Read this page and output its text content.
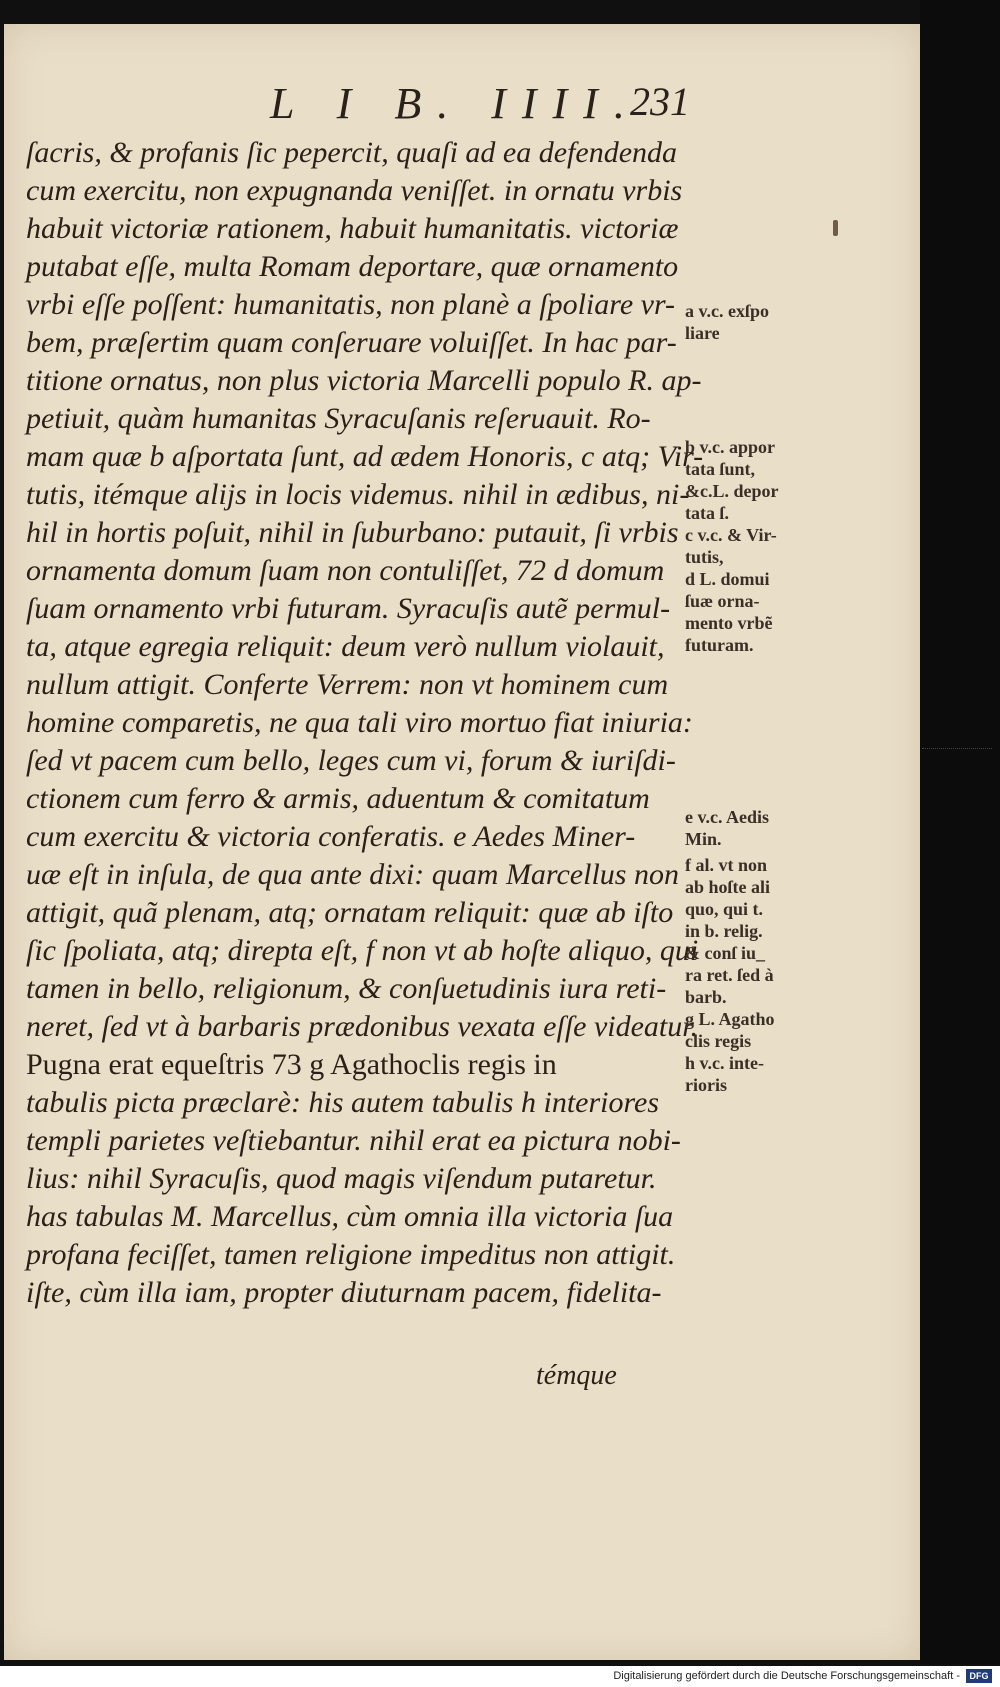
L I B. IIII.
231
ſacris, & profanis ſic pepercit, quaſi ad ea defendenda
cum exercitu, non expugnanda veniſſet. in ornatu vrbis
habuit victoriæ rationem, habuit humanitatis. victoriæ
putabat eſſe, multa Romam deportare, quæ ornamento
vrbi eſſe poſſent: humanitatis, non planè a ſpoliare vr-
bem, præſertim quam conſeruare voluiſſet. In hac par-
titione ornatus, non plus victoria Marcelli populo R. ap-
petiuit, quàm humanitas Syracuſanis reſeruauit. Ro-
mam quæ b aſportata ſunt, ad ædem Honoris, c atq; Vir-
tutis, itémque alijs in locis videmus. nihil in ædibus, ni-
hil in hortis poſuit, nihil in ſuburbano: putauit, ſi vrbis
ornamenta domum ſuam non contuliſſet, 72 d domum
ſuam ornamento vrbi futuram. Syracuſis autẽ permul-
ta, atque egregia reliquit: deum verò nullum violauit,
nullum attigit. Conferte Verrem: non vt hominem cum
homine comparetis, ne qua tali viro mortuo fiat iniuria:
ſed vt pacem cum bello, leges cum vi, forum & iuriſdi-
ctionem cum ferro & armis, aduentum & comitatum
cum exercitu & victoria conferatis. e Aedes Miner-
uæ eſt in inſula, de qua ante dixi: quam Marcellus non
attigit, quã plenam, atq; ornatam reliquit: quæ ab iſto
ſic ſpoliata, atq; direpta eſt, f non vt ab hoſte aliquo, qui
tamen in bello, religionum, & conſuetudinis iura reti-
neret, ſed vt à barbaris prædonibus vexata eſſe videatur.
Pugna erat equeſtris 73 g Agathoclis regis in
tabulis picta præclarè: his autem tabulis h interiores
templi parietes veſtiebantur. nihil erat ea pictura nobi-
lius: nihil Syracuſis, quod magis viſendum putaretur.
has tabulas M. Marcellus, cùm omnia illa victoria ſua
profana feciſſet, tamen religione impeditus non attigit.
iſte, cùm illa iam, propter diuturnam pacem, fidelita-
témque
a v.c. exſpo
liare
b v.c. appor
tata ſunt,
&c.L. depor
tata ſ.
c v.c. & Vir-
tutis,
d L. domui
ſuæ orna-
mento vrbẽ
futuram.
e v.c. Aedis
Min.
f al. vt non
ab hoſte ali
quo, qui t.
in b. relig.
& conſ iu_
ra ret. ſed à
barb.
g L. Agatho
clis regis
h v.c. inte-
rioris
Digitalisierung gefördert durch die Deutsche Forschungsgemeinschaft -	DFG
